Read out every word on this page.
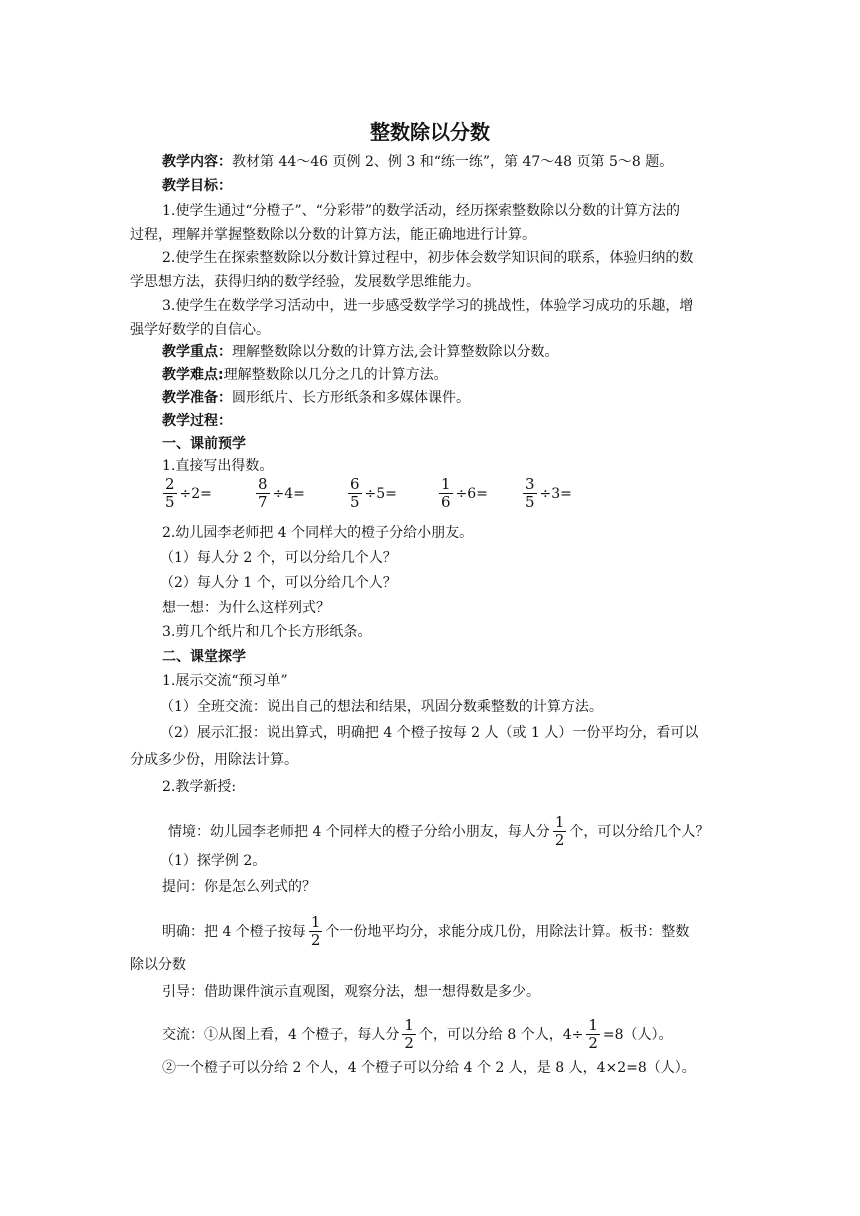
整数除以分数
教学内容：教材第 44～46 页例 2、例 3 和“练一练”，第 47～48 页第 5～8 题。
教学目标：
1.使学生通过“分橙子”、“分彩带”的数学活动，经历探索整数除以分数的计算方法的
过程，理解并掌握整数除以分数的计算方法，能正确地进行计算。
2.使学生在探索整数除以分数计算过程中，初步体会数学知识间的联系，体验归纳的数
学思想方法，获得归纳的数学经验，发展数学思维能力。
3.使学生在数学学习活动中，进一步感受数学学习的挑战性，体验学习成功的乐趣，增
强学好数学的自信心。
教学重点：理解整数除以分数的计算方法,会计算整数除以分数。
教学难点:理解整数除以几分之几的计算方法。
教学准备：圆形纸片、长方形纸条和多媒体课件。
教学过程：
一、课前预学
1.直接写出得数。
$\frac{2}{5} \div 2=$	$\frac{8}{7} \div 4=$	$\frac{6}{5} \div 5=$	$\frac{1}{6} \div 6= \frac{3}{5} \div 3=$
2.幼儿园李老师把 4 个同样大的橙子分给小朋友。
（1）每人分 2 个，可以分给几个人？
（2）每人分 1 个，可以分给几个人？
想一想：为什么这样列式？
3.剪几个纸片和几个长方形纸条。
二、课堂探学
1.展示交流“预习单”
（1）全班交流：说出自己的想法和结果，巩固分数乘整数的计算方法。
（2）展示汇报：说出算式，明确把 4 个橙子按每 2 人（或 1 人）一份平均分，看可以
分成多少份，用除法计算。
2.教学新授:
情境：幼儿园李老师把 4 个同样大的橙子分给小朋友，每人分 $\frac{1}{2}$ 个，可以分给几个人？
（1）探学例 2。
提问：你是怎么列式的？
明确：把 4 个橙子按每 $\frac{1}{2}$ 个一份地平均分，求能分成几份，用除法计算。板书：整数
除以分数
引导：借助课件演示直观图，观察分法，想一想得数是多少。
交流：①从图上看，4 个橙子，每人分 $\frac{1}{2}$ 个，可以分给 8 个人，$4\div \frac{1}{2} =8$（人）。
②一个橙子可以分给 2 个人，4 个橙子可以分给 4 个 2 人，是 8 人，4×2=8（人）。
